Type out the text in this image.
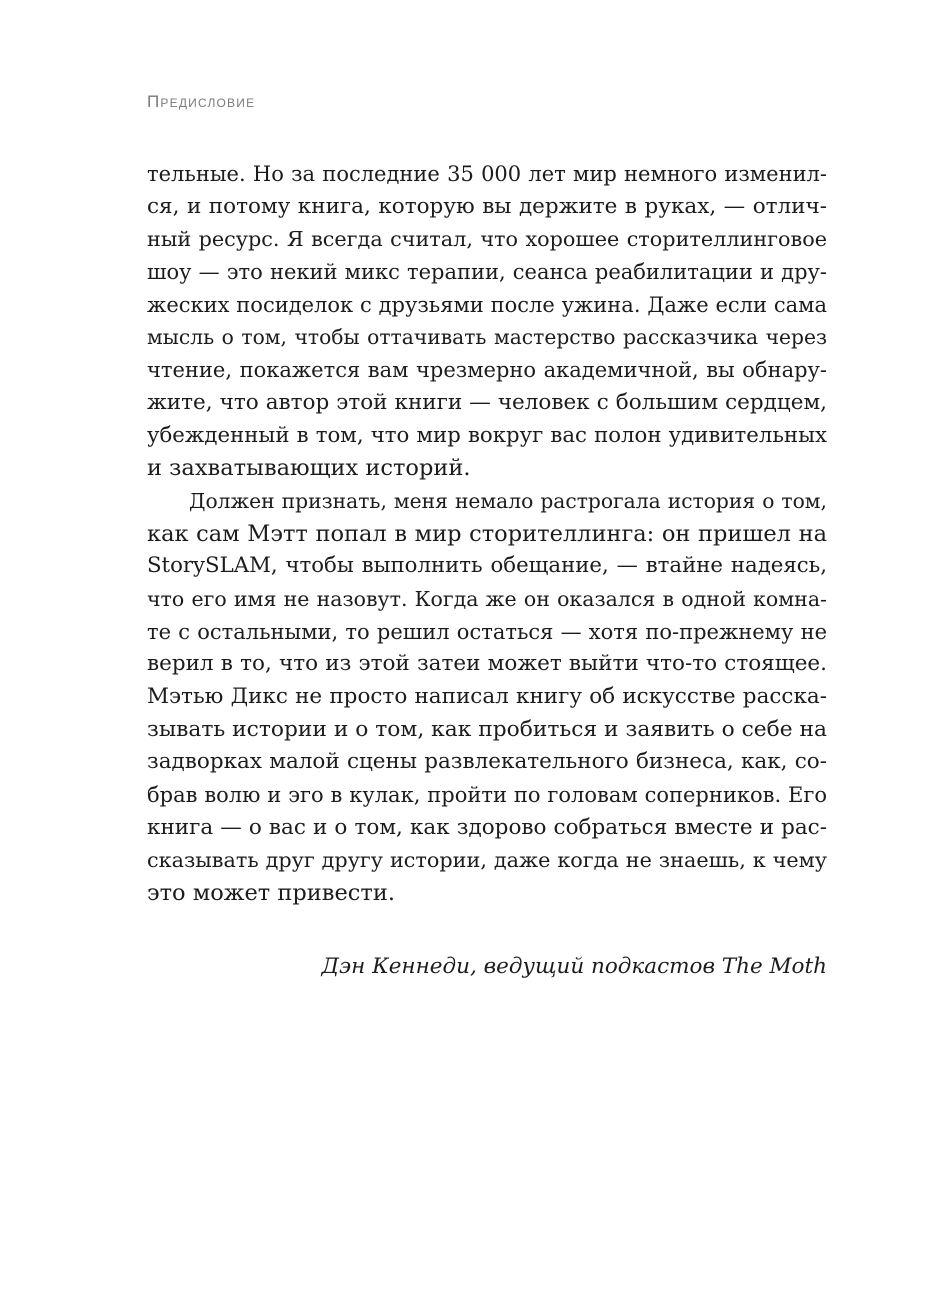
Предисловие
тельные. Но за последние 35 000 лет мир немного изменил-
ся, и потому книга, которую вы держите в руках, — отлич-
ный ресурс. Я всегда считал, что хорошее сторителлинговое
шоу — это некий микс терапии, сеанса реабилитации и дру-
жеских посиделок с друзьями после ужина. Даже если сама
мысль о том, чтобы оттачивать мастерство рассказчика через
чтение, покажется вам чрезмерно академичной, вы обнару-
жите, что автор этой книги — человек с большим сердцем,
убежденный в том, что мир вокруг вас полон удивительных
и захватывающих историй.
Должен признать, меня немало растрогала история о том,
как сам Мэтт попал в мир сторителлинга: он пришел на
StorySLAM, чтобы выполнить обещание, — втайне надеясь,
что его имя не назовут. Когда же он оказался в одной комна-
те с остальными, то решил остаться — хотя по-прежнему не
верил в то, что из этой затеи может выйти что-то стоящее.
Мэтью Дикс не просто написал книгу об искусстве расска-
зывать истории и о том, как пробиться и заявить о себе на
задворках малой сцены развлекательного бизнеса, как, со-
брав волю и эго в кулак, пройти по головам соперников. Его
книга — о вас и о том, как здорово собраться вместе и рас-
сказывать друг другу истории, даже когда не знаешь, к чему
это может привести.
Дэн Кеннеди, ведущий подкастов The Moth
